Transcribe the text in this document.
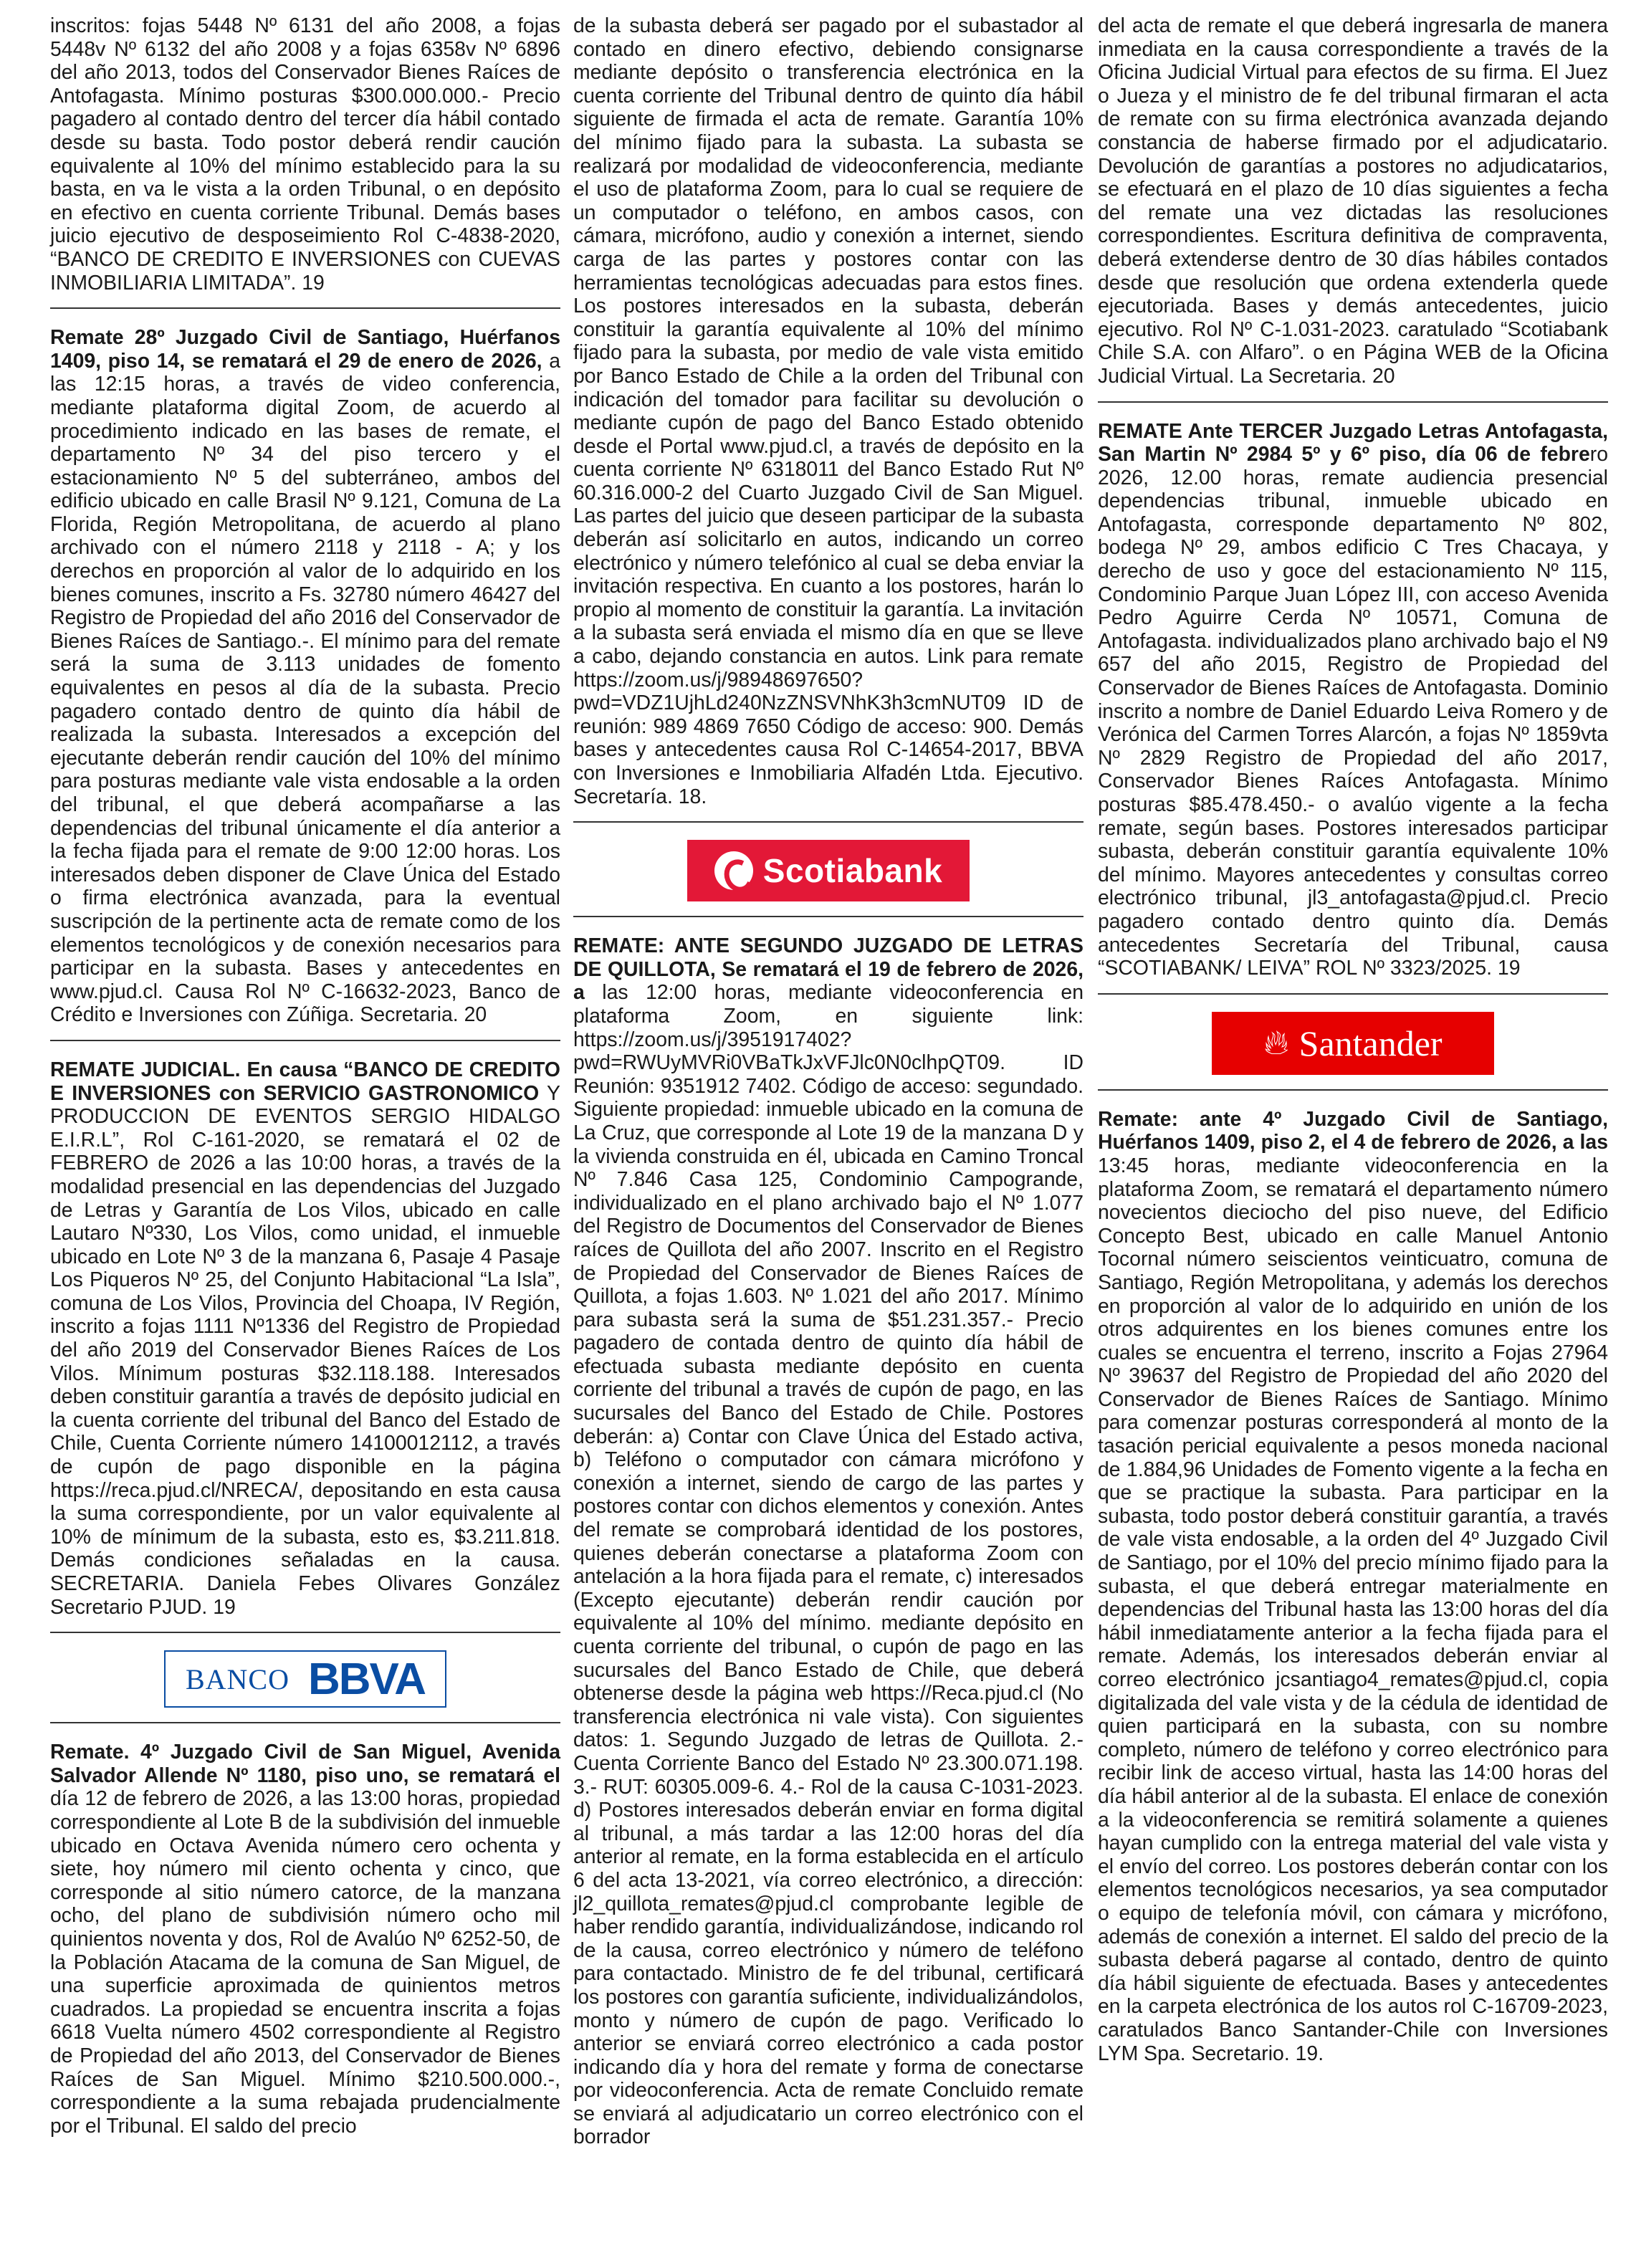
inscritos: fojas 5448 Nº 6131 del año 2008, a fojas 5448v Nº 6132 del año 2008 y a fojas 6358v Nº 6896 del año 2013, todos del Conservador Bienes Raíces de Antofagasta. Mínimo posturas $300.000.000.- Precio pagadero al contado dentro del tercer día hábil contado desde su basta. Todo postor deberá rendir caución equivalente al 10% del mínimo establecido para la su basta, en va le vista a la orden Tribunal, o en depósito en efectivo en cuenta corriente Tribunal. Demás bases juicio ejecutivo de desposeimiento Rol C-4838-2020, “BANCO DE CREDITO E INVERSIONES con CUEVAS INMOBILIARIA LIMITADA”. 19

Remate 28º Juzgado Civil de Santiago, Huérfanos 1409, piso 14, se rematará el 29 de enero de 2026, a las 12:15 horas, a través de video conferencia, mediante plataforma digital Zoom, de acuerdo al procedimiento indicado en las bases de remate, el departamento Nº 34 del piso tercero y el estacionamiento Nº 5 del subterráneo, ambos del edificio ubicado en calle Brasil Nº 9.121, Comuna de La Florida, Región Metropolitana, de acuerdo al plano archivado con el número 2118 y 2118 - A; y los derechos en proporción al valor de lo adquirido en los bienes comunes, inscrito a Fs. 32780 número 46427 del Registro de Propiedad del año 2016 del Conservador de Bienes Raíces de Santiago.-. El mínimo para del remate será la suma de 3.113 unidades de fomento equivalentes en pesos al día de la subasta. Precio pagadero contado dentro de quinto día hábil de realizada la subasta. Interesados a excepción del ejecutante deberán rendir caución del 10% del mínimo para posturas mediante vale vista endosable a la orden del tribunal, el que deberá acompañarse a las dependencias del tribunal únicamente el día anterior a la fecha fijada para el remate de 9:00 12:00 horas. Los interesados deben disponer de Clave Única del Estado o firma electrónica avanzada, para la eventual suscripción de la pertinente acta de remate como de los elementos tecnológicos y de conexión necesarios para participar en la subasta. Bases y antecedentes en www.pjud.cl. Causa Rol Nº C-16632-2023, Banco de Crédito e Inversiones con Zúñiga. Secretaria. 20

REMATE JUDICIAL. En causa “BANCO DE CREDITO E INVERSIONES con SERVICIO GASTRONOMICO Y PRODUCCION DE EVENTOS SERGIO HIDALGO E.I.R.L”, Rol C-161-2020, se rematará el 02 de FEBRERO de 2026 a las 10:00 horas, a través de la modalidad presencial en las dependencias del Juzgado de Letras y Garantía de Los Vilos, ubicado en calle Lautaro Nº330, Los Vilos, como unidad, el inmueble ubicado en Lote Nº 3 de la manzana 6, Pasaje 4 Pasaje Los Piqueros Nº 25, del Conjunto Habitacional “La Isla”, comuna de Los Vilos, Provincia del Choapa, IV Región, inscrito a fojas 1111 Nº1336 del Registro de Propiedad del año 2019 del Conservador Bienes Raíces de Los Vilos. Mínimum posturas $32.118.188. Interesados deben constituir garantía a través de depósito judicial en la cuenta corriente del tribunal del Banco del Estado de Chile, Cuenta Corriente número 14100012112, a través de cupón de pago disponible en la página https://reca.pjud.cl/NRECA/, depositando en esta causa la suma correspondiente, por un valor equivalente al 10% de mínimum de la subasta, esto es, $3.211.818. Demás condiciones señaladas en la causa. SECRETARIA. Daniela Febes Olivares González Secretario PJUD. 19

BANCO BBVA

Remate. 4º Juzgado Civil de San Miguel, Avenida Salvador Allende Nº 1180, piso uno, se rematará el día 12 de febrero de 2026, a las 13:00 horas, propiedad correspondiente al Lote B de la subdivisión del inmueble ubicado en Octava Avenida número cero ochenta y siete, hoy número mil ciento ochenta y cinco, que corresponde al sitio número catorce, de la manzana ocho, del plano de subdivisión número ocho mil quinientos noventa y dos, Rol de Avalúo Nº 6252-50, de la Población Atacama de la comuna de San Miguel, de una superficie aproximada de quinientos metros cuadrados. La propiedad se encuentra inscrita a fojas 6618 Vuelta número 4502 correspondiente al Registro de Propiedad del año 2013, del Conservador de Bienes Raíces de San Miguel. Mínimo $210.500.000.-, correspondiente a la suma rebajada prudencialmente por el Tribunal. El saldo del precio

de la subasta deberá ser pagado por el subastador al contado en dinero efectivo, debiendo consignarse mediante depósito o transferencia electrónica en la cuenta corriente del Tribunal dentro de quinto día hábil siguiente de firmada el acta de remate. Garantía 10% del mínimo fijado para la subasta. La subasta se realizará por modalidad de videoconferencia, mediante el uso de plataforma Zoom, para lo cual se requiere de un computador o teléfono, en ambos casos, con cámara, micrófono, audio y conexión a internet, siendo carga de las partes y postores contar con las herramientas tecnológicas adecuadas para estos fines. Los postores interesados en la subasta, deberán constituir la garantía equivalente al 10% del mínimo fijado para la subasta, por medio de vale vista emitido por Banco Estado de Chile a la orden del Tribunal con indicación del tomador para facilitar su devolución o mediante cupón de pago del Banco Estado obtenido desde el Portal www.pjud.cl, a través de depósito en la cuenta corriente Nº 6318011 del Banco Estado Rut Nº 60.316.000-2 del Cuarto Juzgado Civil de San Miguel. Las partes del juicio que deseen participar de la subasta deberán así solicitarlo en autos, indicando un correo electrónico y número telefónico al cual se deba enviar la invitación respectiva. En cuanto a los postores, harán lo propio al momento de constituir la garantía. La invitación a la subasta será enviada el mismo día en que se lleve a cabo, dejando constancia en autos. Link para remate https://zoom.us/j/98948697650?pwd=VDZ1UjhLd240NzZNSVNhK3h3cmNUT09 ID de reunión: 989 4869 7650 Código de acceso: 900. Demás bases y antecedentes causa Rol C-14654-2017, BBVA con Inversiones e Inmobiliaria Alfadén Ltda. Ejecutivo. Secretaría. 18.

Scotiabank

REMATE: ANTE SEGUNDO JUZGADO DE LETRAS DE QUILLOTA, Se rematará el 19 de febrero de 2026, a las 12:00 horas, mediante videoconferencia en plataforma Zoom, en siguiente link: https://zoom.us/j/3951917402?pwd=RWUyMVRi0VBaTkJxVFJlc0N0clhpQT09. ID Reunión: 9351912 7402. Código de acceso: segundado. Siguiente propiedad: inmueble ubicado en la comuna de La Cruz, que corresponde al Lote 19 de la manzana D y la vivienda construida en él, ubicada en Camino Troncal Nº 7.846 Casa 125, Condominio Campogrande, individualizado en el plano archivado bajo el Nº 1.077 del Registro de Documentos del Conservador de Bienes raíces de Quillota del año 2007. Inscrito en el Registro de Propiedad del Conservador de Bienes Raíces de Quillota, a fojas 1.603. Nº 1.021 del año 2017. Mínimo para subasta será la suma de $51.231.357.- Precio pagadero de contada dentro de quinto día hábil de efectuada subasta mediante depósito en cuenta corriente del tribunal a través de cupón de pago, en las sucursales del Banco del Estado de Chile. Postores deberán: a) Contar con Clave Única del Estado activa, b) Teléfono o computador con cámara micrófono y conexión a internet, siendo de cargo de las partes y postores contar con dichos elementos y conexión. Antes del remate se comprobará identidad de los postores, quienes deberán conectarse a plataforma Zoom con antelación a la hora fijada para el remate, c) interesados (Excepto ejecutante) deberán rendir caución por equivalente al 10% del mínimo. mediante depósito en cuenta corriente del tribunal, o cupón de pago en las sucursales del Banco Estado de Chile, que deberá obtenerse desde la página web https://Reca.pjud.cl (No transferencia electrónica ni vale vista). Con siguientes datos: 1. Segundo Juzgado de letras de Quillota. 2.- Cuenta Corriente Banco del Estado Nº 23.300.071.198. 3.- RUT: 60305.009-6. 4.- Rol de la causa C-1031-2023. d) Postores interesados deberán enviar en forma digital al tribunal, a más tardar a las 12:00 horas del día anterior al remate, en la forma establecida en el artículo 6 del acta 13-2021, vía correo electrónico, a dirección: jl2_quillota_remates@pjud.cl comprobante legible de haber rendido garantía, individualizándose, indicando rol de la causa, correo electrónico y número de teléfono para contactado. Ministro de fe del tribunal, certificará los postores con garantía suficiente, individualizándolos, monto y número de cupón de pago. Verificado lo anterior se enviará correo electrónico a cada postor indicando día y hora del remate y forma de conectarse por videoconferencia. Acta de remate Concluido remate se enviará al adjudicatario un correo electrónico con el borrador

del acta de remate el que deberá ingresarla de manera inmediata en la causa correspondiente a través de la Oficina Judicial Virtual para efectos de su firma. El Juez o Jueza y el ministro de fe del tribunal firmaran el acta de remate con su firma electrónica avanzada dejando constancia de haberse firmado por el adjudicatario. Devolución de garantías a postores no adjudicatarios, se efectuará en el plazo de 10 días siguientes a fecha del remate una vez dictadas las resoluciones correspondientes. Escritura definitiva de compraventa, deberá extenderse dentro de 30 días hábiles contados desde que resolución que ordena extenderla quede ejecutoriada. Bases y demás antecedentes, juicio ejecutivo. Rol Nº C-1.031-2023. caratulado “Scotiabank Chile S.A. con Alfaro”. o en Página WEB de la Oficina Judicial Virtual. La Secretaria. 20

REMATE Ante TERCER Juzgado Letras Antofagasta, San Martin Nº 2984 5º y 6º piso, día 06 de febrero 2026, 12.00 horas, remate audiencia presencial dependencias tribunal, inmueble ubicado en Antofagasta, corresponde departamento Nº 802, bodega Nº 29, ambos edificio C Tres Chacaya, y derecho de uso y goce del estacionamiento Nº 115, Condominio Parque Juan López III, con acceso Avenida Pedro Aguirre Cerda Nº 10571, Comuna de Antofagasta. individualizados plano archivado bajo el N9 657 del año 2015, Registro de Propiedad del Conservador de Bienes Raíces de Antofagasta. Dominio inscrito a nombre de Daniel Eduardo Leiva Romero y de Verónica del Carmen Torres Alarcón, a fojas Nº 1859vta Nº 2829 Registro de Propiedad del año 2017, Conservador Bienes Raíces Antofagasta. Mínimo posturas $85.478.450.- o avalúo vigente a la fecha remate, según bases. Postores interesados participar subasta, deberán constituir garantía equivalente 10% del mínimo. Mayores antecedentes y consultas correo electrónico tribunal, jl3_antofagasta@pjud.cl. Precio pagadero contado dentro quinto día. Demás antecedentes Secretaría del Tribunal, causa “SCOTIABANK/ LEIVA” ROL Nº 3323/2025. 19

🔥︎ Santander

Remate: ante 4º Juzgado Civil de Santiago, Huérfanos 1409, piso 2, el 4 de febrero de 2026, a las 13:45 horas, mediante videoconferencia en la plataforma Zoom, se rematará el departamento número novecientos dieciocho del piso nueve, del Edificio Concepto Best, ubicado en calle Manuel Antonio Tocornal número seiscientos veinticuatro, comuna de Santiago, Región Metropolitana, y además los derechos en proporción al valor de lo adquirido en unión de los otros adquirentes en los bienes comunes entre los cuales se encuentra el terreno, inscrito a Fojas 27964 Nº 39637 del Registro de Propiedad del año 2020 del Conservador de Bienes Raíces de Santiago. Mínimo para comenzar posturas corresponderá al monto de la tasación pericial equivalente a pesos moneda nacional de 1.884,96 Unidades de Fomento vigente a la fecha en que se practique la subasta. Para participar en la subasta, todo postor deberá constituir garantía, a través de vale vista endosable, a la orden del 4º Juzgado Civil de Santiago, por el 10% del precio mínimo fijado para la subasta, el que deberá entregar materialmente en dependencias del Tribunal hasta las 13:00 horas del día hábil inmediatamente anterior a la fecha fijada para el remate. Además, los interesados deberán enviar al correo electrónico jcsantiago4_remates@pjud.cl, copia digitalizada del vale vista y de la cédula de identidad de quien participará en la subasta, con su nombre completo, número de teléfono y correo electrónico para recibir link de acceso virtual, hasta las 14:00 horas del día hábil anterior al de la subasta. El enlace de conexión a la videoconferencia se remitirá solamente a quienes hayan cumplido con la entrega material del vale vista y el envío del correo. Los postores deberán contar con los elementos tecnológicos necesarios, ya sea computador o equipo de telefonía móvil, con cámara y micrófono, además de conexión a internet. El saldo del precio de la subasta deberá pagarse al contado, dentro de quinto día hábil siguiente de efectuada. Bases y antecedentes en la carpeta electrónica de los autos rol C-16709-2023, caratulados Banco Santander-Chile con Inversiones LYM Spa. Secretario. 19.
